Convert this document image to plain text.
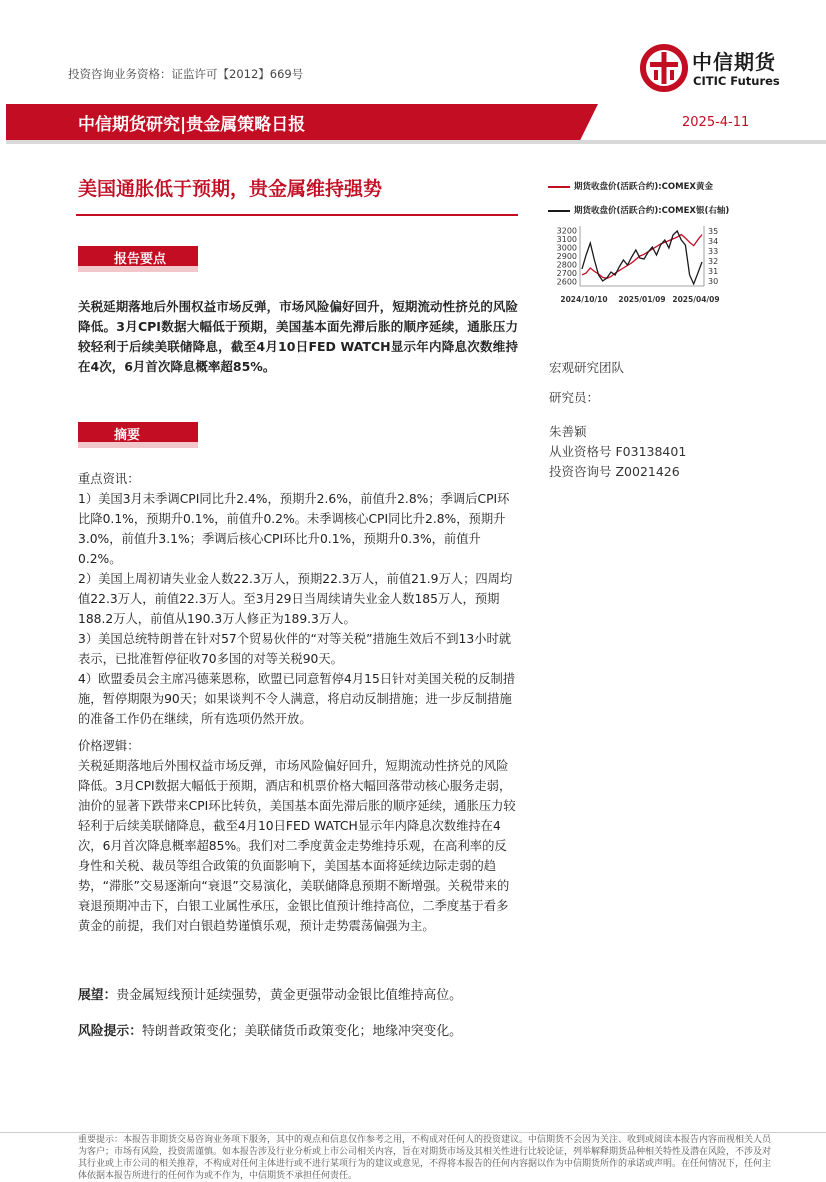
投资咨询业务资格：证监许可【2012】669号	中信期货
CITIC Futures
中信期货研究|贵金属策略日报	2025-4-11
美国通胀低于预期，贵金属维持强势
报告要点
关税延期落地后外围权益市场反弹，市场风险偏好回升，短期流动性挤兑的风险降低。3月CPI数据大幅低于预期，美国基本面先滞后胀的顺序延续，通胀压力较轻利于后续美联储降息，截至4月10日FED WATCH显示年内降息次数维持在4次，6月首次降息概率超85%。
摘要

重点资讯：

1）美国3月未季调CPI同比升2.4%，预期升2.6%，前值升2.8%；季调后CPI环比降0.1%，预期升0.1%，前值升0.2%。未季调核心CPI同比升2.8%，预期升3.0%，前值升3.1%；季调后核心CPI环比升0.1%，预期升0.3%，前值升0.2%。

2）美国上周初请失业金人数22.3万人，预期22.3万人，前值21.9万人；四周均值22.3万人，前值22.3万人。至3月29日当周续请失业金人数185万人，预期188.2万人，前值从190.3万人修正为189.3万人。

3）美国总统特朗普在针对57个贸易伙伴的“对等关税”措施生效后不到13小时就表示，已批准暂停征收70多国的对等关税90天。

4）欧盟委员会主席冯德莱恩称，欧盟已同意暂停4月15日针对美国关税的反制措施，暂停期限为90天；如果谈判不令人满意，将启动反制措施；进一步反制措施的准备工作仍在继续，所有选项仍然开放。

价格逻辑：

关税延期落地后外围权益市场反弹，市场风险偏好回升，短期流动性挤兑的风险降低。3月CPI数据大幅低于预期，酒店和机票价格大幅回落带动核心服务走弱，油价的显著下跌带来CPI环比转负，美国基本面先滞后胀的顺序延续，通胀压力较轻利于后续美联储降息，截至4月10日FED WATCH显示年内降息次数维持在4次，6月首次降息概率超85%。我们对二季度黄金走势维持乐观，在高利率的反身性和关税、裁员等组合政策的负面影响下，美国基本面将延续边际走弱的趋势，“滞胀”交易逐渐向“衰退”交易演化，美联储降息预期不断增强。关税带来的衰退预期冲击下，白银工业属性承压，金银比值预计维持高位，二季度基于看多黄金的前提，我们对白银趋势谨慎乐观，预计走势震荡偏强为主。

展望：贵金属短线预计延续强势，黄金更强带动金银比值维持高位。
风险提示：特朗普政策变化；美联储货币政策变化；地缘冲突变化。
期货收盘价(活跃合约):COMEX黄金
期货收盘价(活跃合约):COMEX银(右轴)
2600
2700
2800
2900
3000
3100
3200
30
31
32
33
34
35
2024/10/10 2025/01/09 2025/04/09
宏观研究团队
研究员：
朱善颖
从业资格号 F03138401
投资咨询号 Z0021426
重要提示：本报告非期货交易咨询业务项下服务，其中的观点和信息仅作参考之用，不构成对任何人的投资建议。中信期货不会因为关注、收到或阅读本报告内容而视相关人员为客户；市场有风险，投资需谨慎。如本报告涉及行业分析或上市公司相关内容，旨在对期货市场及其相关性进行比较论证，列举解释期货品种相关特性及潜在风险，不涉及对其行业或上市公司的相关推荐，不构成对任何主体进行或不进行某项行为的建议或意见，不得将本报告的任何内容据以作为中信期货所作的承诺或声明。在任何情况下，任何主体依据本报告所进行的任何作为或不作为，中信期货不承担任何责任。
